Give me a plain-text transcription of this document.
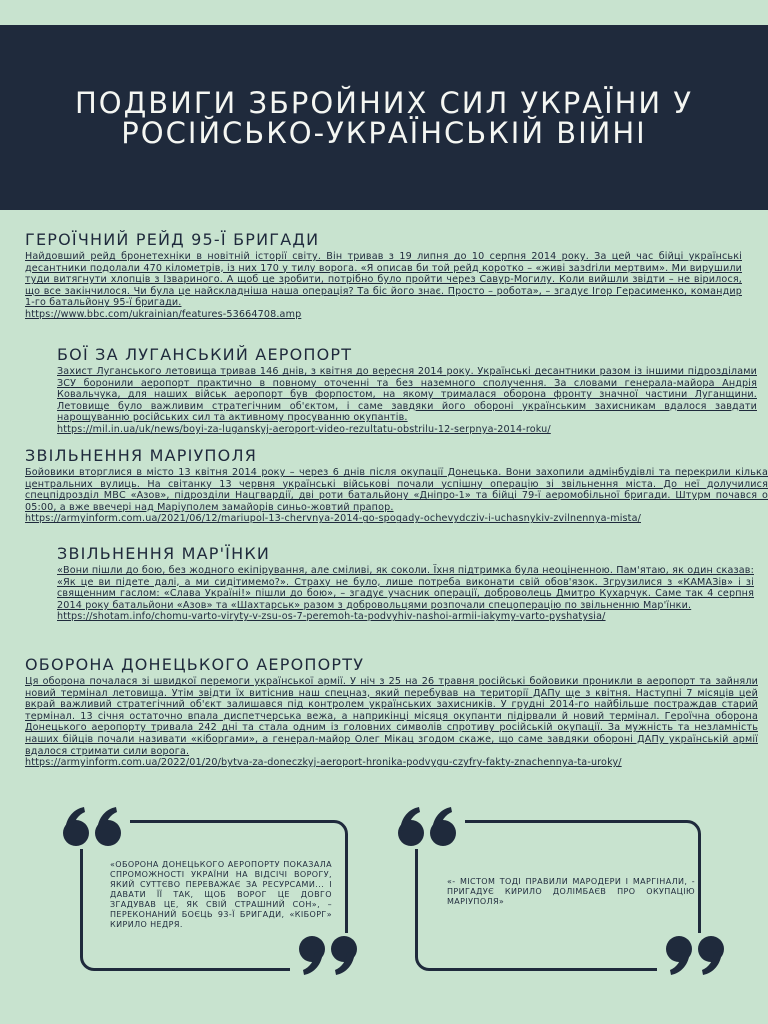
ПОДВИГИ ЗБРОЙНИХ СИЛ УКРАЇНИ У РОСІЙСЬКО-УКРАЇНСЬКІЙ ВІЙНІ
ГЕРОЇЧНИЙ РЕЙД 95-Ї БРИГАДИ

Найдовший рейд бронетехніки в новітній історії світу. Він тривав з 19 липня до 10 серпня 2014 року. За цей час бійці українські десантники подолали 470 кілометрів, із них 170 у тилу ворога. «Я описав би той рейд коротко – «живі зазdriли мертвим». Ми вирушили туди витягнути хлопців з Ізвариного. А щоб це зробити, потрібно було пройти через Савур-Могилу. Коли вийшли звідти – не вірилося, що все закінчилося. Чи була це найскладніша наша операція? Та біс його знає. Просто – робота», – згадує Ігор Герасименко, командир 1-го батальйону 95-ї бригади.

https://www.bbc.com/ukrainian/features-53664708.amp
БОЇ ЗА ЛУГАНСЬКИЙ АЕРОПОРТ

Захист Луганського летовища тривав 146 днів, з квітня до вересня 2014 року. Українські десантники разом із іншими підрозділами ЗСУ боронили аеропорт практично в повному оточенні та без наземного сполучення. За словами генерала-майора Андрія Ковальчука, для наших військ аеропорт був форпостом, на якому трималася оборона фронту значної частини Луганщини. Летовище було важливим стратегічним об'єктом, і саме завдяки його обороні українським захисникам вдалося завдати нарощуванню російських сил та активному просуванню окупантів.

https://mil.in.ua/uk/news/boyi-za-luganskyj-aeroport-video-rezultatu-obstrilu-12-serpnya-2014-roku/
ЗВІЛЬНЕННЯ МАРІУПОЛЯ

Бойовики вторглися в місто 13 квітня 2014 року – через 6 днів після окупації Донецька. Вони захопили адмінбудівлі та перекрили кілька центральних вулиць. На світанку 13 червня українські військові почали успішну операцію зі звільнення міста. До неї долучилися спецпідрозділ МВС «Азов», підрозділи Нацгвардії, дві роти батальйону «Дніпро-1» та бійці 79-ї аеромобільної бригади. Штурм почався о 05:00, а вже ввечері над Маріуполем замайорів синьо-жовтий прапор.

https://armyinform.com.ua/2021/06/12/mariupol-13-chervnya-2014-go-spogady-ochevydcziv-i-uchasnykiv-zvilnennya-mista/
ЗВІЛЬНЕННЯ МАР'ЇНКИ

«Вони пішли до бою, без жодного екіпірування, але сміливі, як соколи. Їхня підтримка була неоціненною. Пам'ятаю, як один сказав: «Як це ви підете далі, а ми сидітимемо?». Страху не було, лише потреба виконати свій обов'язок. Згрузилися з «КАМАЗів» і зі священним гаслом: «Слава Україні!» пішли до бою», – згадує учасник операції, доброволець Дмитро Кухарчук. Саме так 4 серпня 2014 року батальйони «Азов» та «Шахтарськ» разом з добровольцями розпочали спецоперацію по звільненню Мар'їнки.

https://shotam.info/chomu-varto-viryty-v-zsu-os-7-peremoh-ta-podvyhiv-nashoi-armii-iakymy-varto-pyshatysia/
ОБОРОНА ДОНЕЦЬКОГО АЕРОПОРТУ

Ця оборона почалася зі швидкої перемоги української армії. У ніч з 25 на 26 травня російські бойовики проникли в аеропорт та зайняли новий термінал летовища. Утім звідти їх витіснив наш спецназ, який перебував на території ДАПу ще з квітня. Наступні 7 місяців цей вкрай важливий стратегічний об'єкт залишався під контролем українських захисників. У грудні 2014-го найбільше постраждав старий термінал. 13 січня остаточно впала диспетчерська вежа, а наприкінці місяця окупанти підірвали й новий термінал. Героїчна оборона Донецького аеропорту тривала 242 дні та стала одним із головних символів спротиву російській окупації. За мужність та незламність наших бійців почали називати «кіборгами», а генерал-майор Олег Мікац згодом скаже, що саме завдяки обороні ДАПу українській армії вдалося стримати сили ворога.

https://armyinform.com.ua/2022/01/20/bytva-za-doneczkyj-aeroport-hronika-podvygu-czyfry-fakty-znachennya-ta-uroky/

«ОБОРОНА ДОНЕЦЬКОГО АЕРОПОРТУ ПОКАЗАЛА СПРОМОЖНОСТІ УКРАЇНИ НА ВІДСІЧІ ВОРОГУ, ЯКИЙ СУТТЄВО ПЕРЕВАЖАЄ ЗА РЕСУРСАМИ... І ДАВАТИ ЇЇ ТАК, ЩОБ ВОРОГ ЦЕ ДОВГО ЗГАДУВАВ ЦЕ, ЯК СВІЙ СТРАШНИЙ СОН», – ПЕРЕКОНАНИЙ БОЄЦЬ 93-Ї БРИГАДИ, «КІБОРГ» КИРИЛО НЕДРЯ.

«- МІСТОМ ТОДІ ПРАВИЛИ МАРОДЕРИ І МАРГІНАЛИ, - ПРИГАДУЄ КИРИЛО ДОЛІМБАЄВ ПРО ОКУПАЦІЮ МАРІУПОЛЯ»
